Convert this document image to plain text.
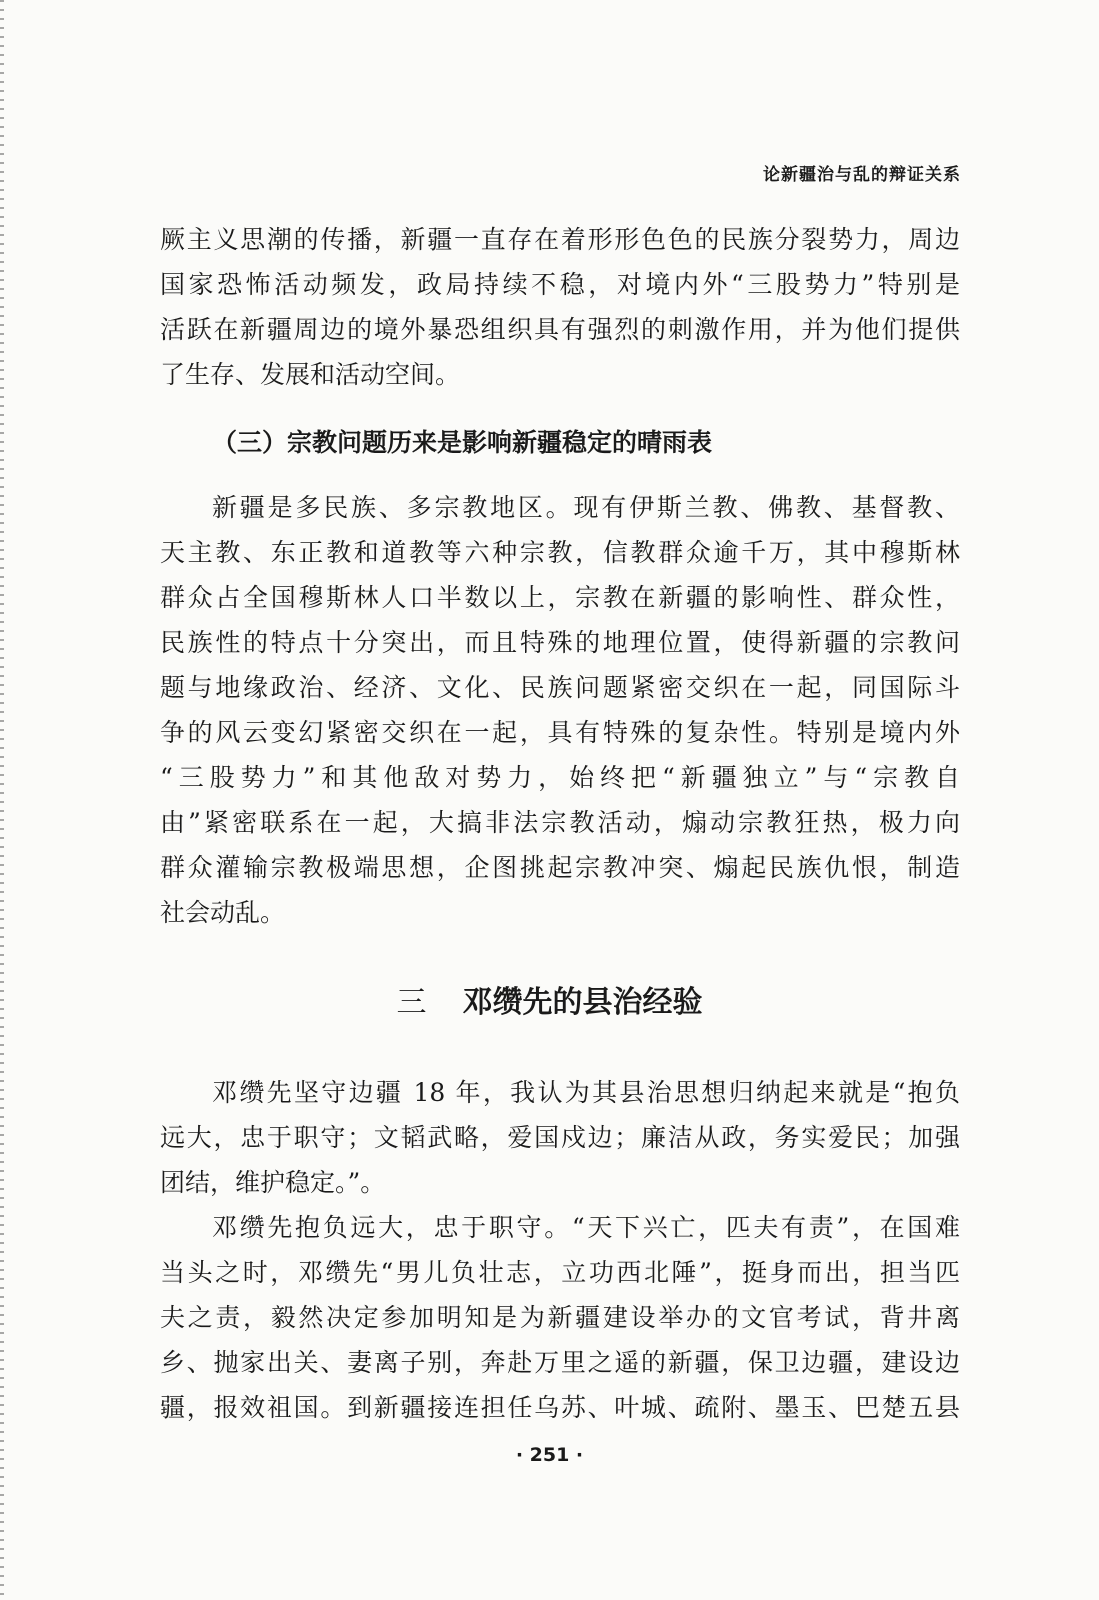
论新疆治与乱的辩证关系
厥主义思潮的传播，新疆一直存在着形形色色的民族分裂势力，周边
国家恐怖活动频发，政局持续不稳，对境内外“三股势力”特别是
活跃在新疆周边的境外暴恐组织具有强烈的刺激作用，并为他们提供
了生存、发展和活动空间。
（三）宗教问题历来是影响新疆稳定的晴雨表
新疆是多民族、多宗教地区。现有伊斯兰教、佛教、基督教、
天主教、东正教和道教等六种宗教，信教群众逾千万，其中穆斯林
群众占全国穆斯林人口半数以上，宗教在新疆的影响性、群众性，
民族性的特点十分突出，而且特殊的地理位置，使得新疆的宗教问
题与地缘政治、经济、文化、民族问题紧密交织在一起，同国际斗
争的风云变幻紧密交织在一起，具有特殊的复杂性。特别是境内外
“三股势力”和其他敌对势力，始终把“新疆独立”与“宗教自
由”紧密联系在一起，大搞非法宗教活动，煽动宗教狂热，极力向
群众灌输宗教极端思想，企图挑起宗教冲突、煽起民族仇恨，制造
社会动乱。
三 邓缵先的县治经验
邓缵先坚守边疆 18 年，我认为其县治思想归纳起来就是“抱负
远大，忠于职守；文韬武略，爱国戍边；廉洁从政，务实爱民；加强
团结，维护稳定。”。
邓缵先抱负远大，忠于职守。“天下兴亡，匹夫有责”，在国难
当头之时，邓缵先“男儿负壮志，立功西北陲”，挺身而出，担当匹
夫之责，毅然决定参加明知是为新疆建设举办的文官考试，背井离
乡、抛家出关、妻离子别，奔赴万里之遥的新疆，保卫边疆，建设边
疆，报效祖国。到新疆接连担任乌苏、叶城、疏附、墨玉、巴楚五县
· 251 ·
